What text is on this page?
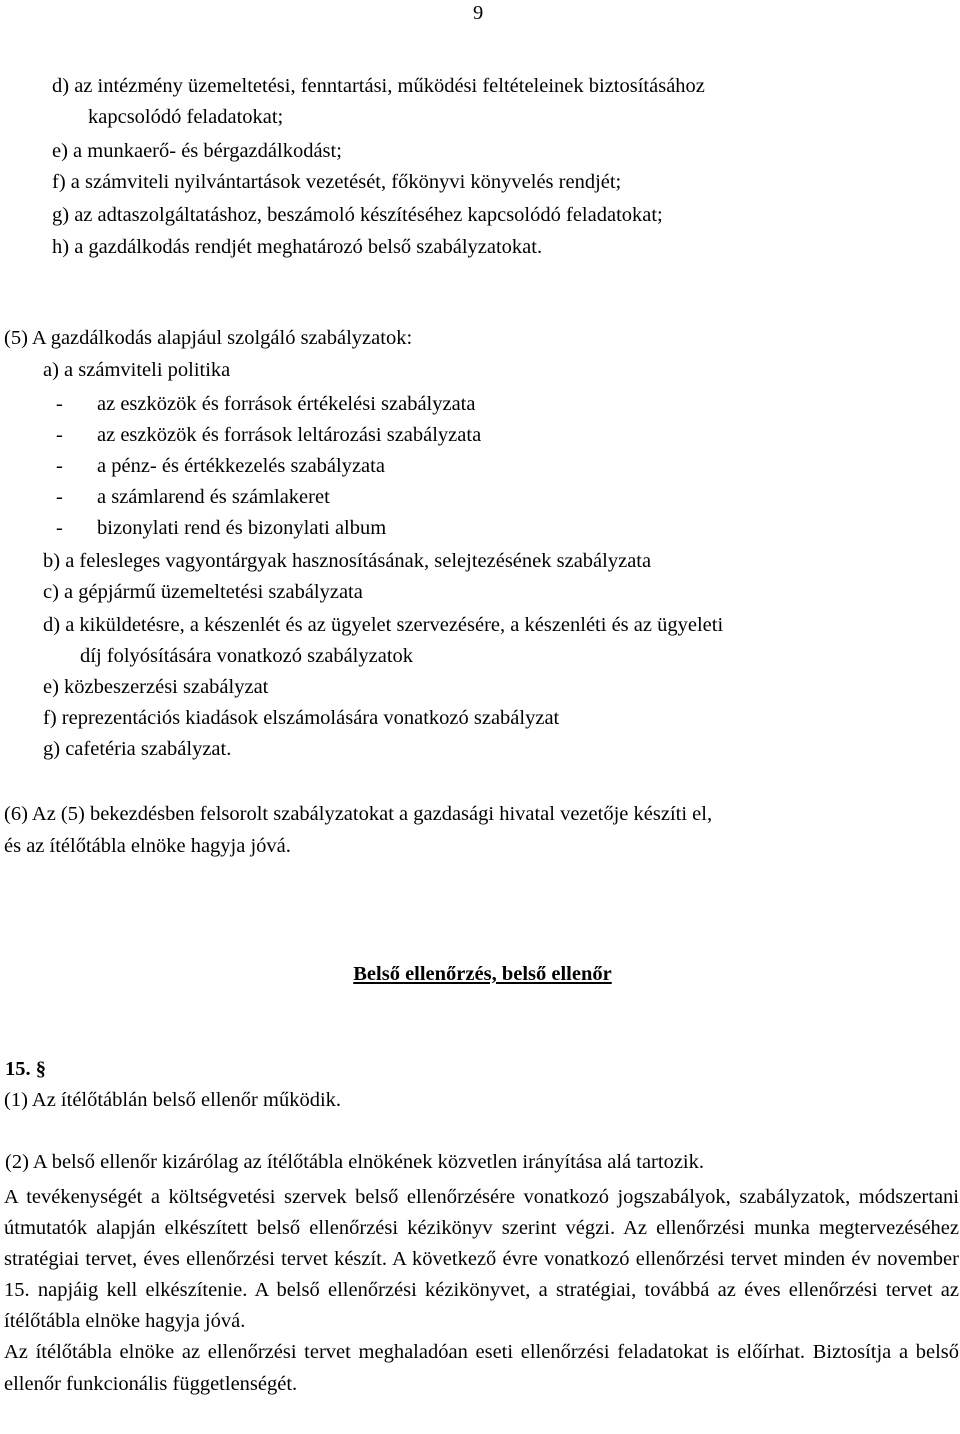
9
d) az intézmény üzemeltetési, fenntartási, működési feltételeinek biztosításához
kapcsolódó feladatokat;
e) a munkaerő- és bérgazdálkodást;
f) a számviteli nyilvántartások vezetését, főkönyvi könyvelés rendjét;
g) az adtaszolgáltatáshoz, beszámoló készítéséhez kapcsolódó feladatokat;
h) a gazdálkodás rendjét meghatározó belső szabályzatokat.
(5) A gazdálkodás alapjául szolgáló szabályzatok:
a) a számviteli politika
- az eszközök és források értékelési szabályzata
- az eszközök és források leltározási szabályzata
- a pénz- és értékkezelés szabályzata
- a számlarend és számlakeret
- bizonylati rend és bizonylati album
b) a felesleges vagyontárgyak hasznosításának, selejtezésének szabályzata
c) a gépjármű üzemeltetési szabályzata
d) a kiküldetésre, a készenlét és az ügyelet szervezésére, a készenléti és az ügyeleti
díj folyósítására vonatkozó szabályzatok
e) közbeszerzési szabályzat
f) reprezentációs kiadások elszámolására vonatkozó szabályzat
g) cafetéria szabályzat.
(6) Az (5) bekezdésben felsorolt szabályzatokat a gazdasági hivatal vezetője készíti el,
és az ítélőtábla elnöke hagyja jóvá.
Belső ellenőrzés, belső ellenőr
15. §
(1) Az ítélőtáblán belső ellenőr működik.
(2) A belső ellenőr kizárólag az ítélőtábla elnökének közvetlen irányítása alá tartozik.

A tevékenységét a költségvetési szervek belső ellenőrzésére vonatkozó jogszabályok, szabályzatok, módszertani útmutatók alapján elkészített belső ellenőrzési kézikönyv szerint végzi. Az ellenőrzési munka megtervezéséhez stratégiai tervet, éves ellenőrzési tervet készít. A következő évre vonatkozó ellenőrzési tervet minden év november 15. napjáig kell elkészítenie. A belső ellenőrzési kézikönyvet, a stratégiai, továbbá az éves ellenőrzési tervet az ítélőtábla elnöke hagyja jóvá.

Az ítélőtábla elnöke az ellenőrzési tervet meghaladóan eseti ellenőrzési feladatokat is előírhat. Biztosítja a belső ellenőr funkcionális függetlenségét.
